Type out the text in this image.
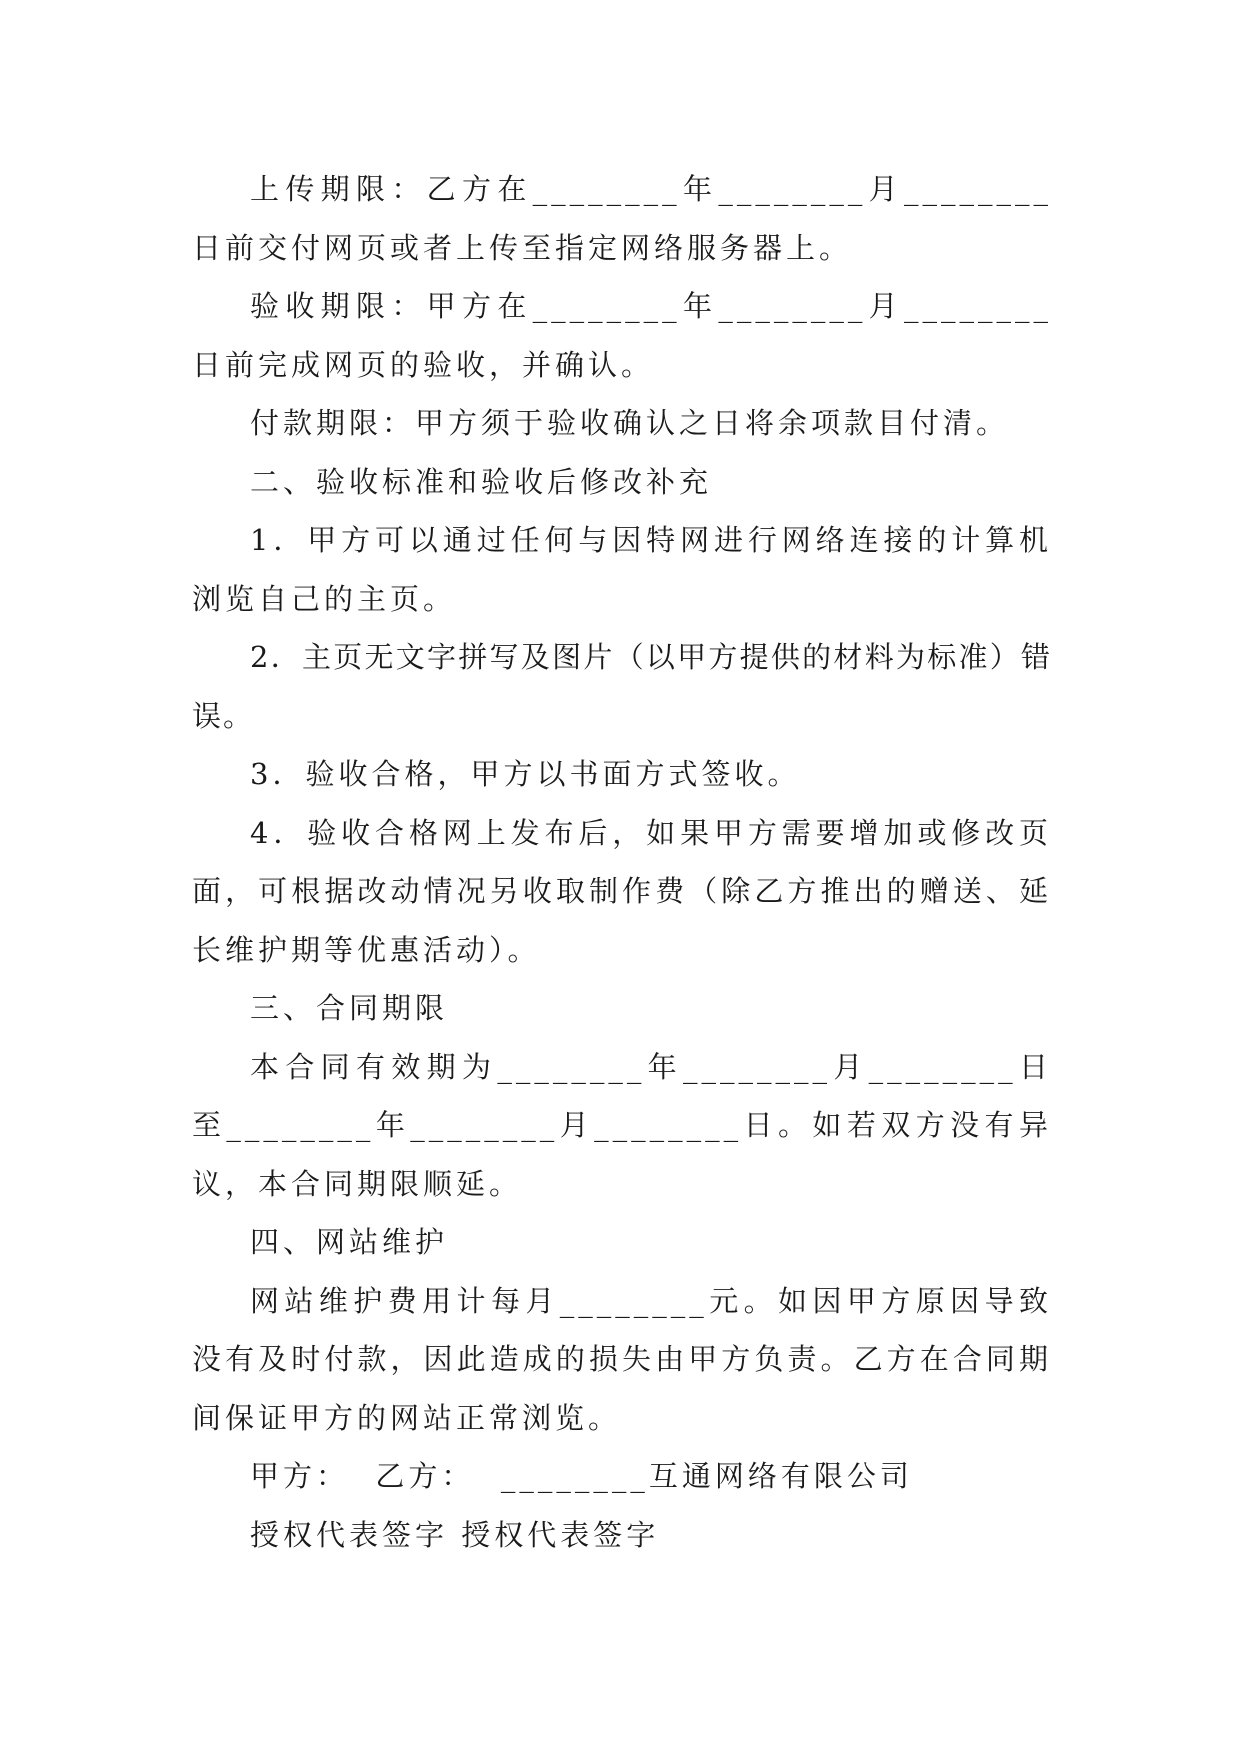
上传期限：乙方在________年________月________日前交付网页或者上传至指定网络服务器上。

验收期限：甲方在________年________月________日前完成网页的验收，并确认。

付款期限：甲方须于验收确认之日将余项款目付清。

二、验收标准和验收后修改补充

1．甲方可以通过任何与因特网进行网络连接的计算机浏览自己的主页。

2．主页无文字拼写及图片（以甲方提供的材料为标准）错误。

3．验收合格，甲方以书面方式签收。

4．验收合格网上发布后，如果甲方需要增加或修改页面，可根据改动情况另收取制作费（除乙方推出的赠送、延长维护期等优惠活动）。

三、合同期限

本合同有效期为________年________月________日至________年________月________日。如若双方没有异议，本合同期限顺延。

四、网站维护

网站维护费用计每月________元。如因甲方原因导致没有及时付款，因此造成的损失由甲方负责。乙方在合同期间保证甲方的网站正常浏览。

甲方：  乙方：  ________互通网络有限公司

授权代表签字 授权代表签字
